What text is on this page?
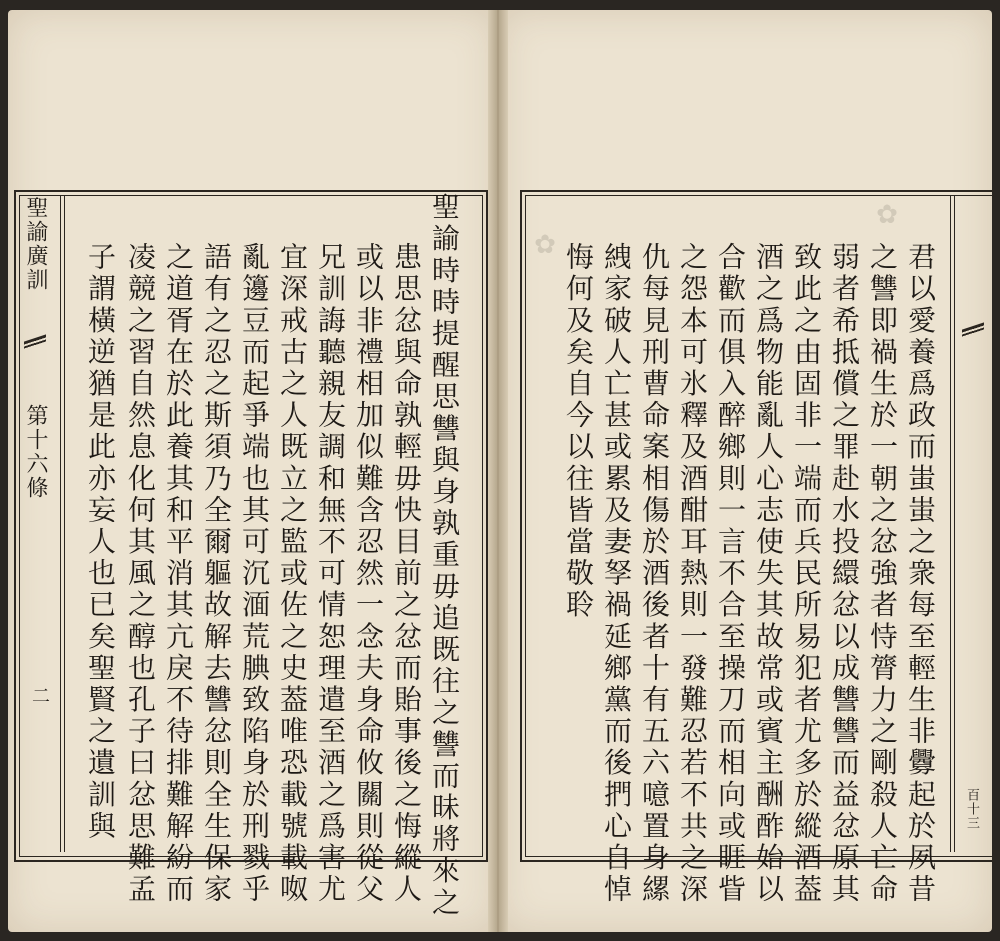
✿
✿
聖諭廣訓
第十六條
二	聖諭時時提醒思讐與身孰重毋追既往之讐而昧將來之
患思忿與命孰輕毋快目前之忿而貽事後之悔縱人
或以非禮相加似難含忍然一念夫身命攸關則從父
兄訓誨聽親友調和無不可情恕理遣至酒之爲害尤
宜深戒古之人既立之監或佐之史葢唯恐載號載呶
亂籩豆而起爭端也其可沉湎荒腆致陷身於刑戮乎
語有之忍之斯須乃全爾軀故解去讐忿則全生保家
之道胥在於此養其和平消其亢戾不待排難解紛而
凌競之習自然息化何其風之醇也孔子曰忿思難孟
子謂橫逆猶是此亦妄人也已矣聖賢之遺訓與	百十三
君以愛養爲政而蚩蚩之衆每至輕生非釁起於夙昔
之讐即禍生於一朝之忿強者恃膂力之剛殺人亡命
弱者希抵償之罪赴水投繯忿以成讐讐而益忿原其
致此之由固非一端而兵民所易犯者尤多於縱酒葢
酒之爲物能亂人心志使失其故常或賓主酬酢始以
合歡而俱入醉鄉則一言不合至操刀而相向或睚眥
之怨本可氷釋及酒酣耳熱則一發難忍若不共之深
仇每見刑曹命案相傷於酒後者十有五六噫置身縲
絏家破人亡甚或累及妻孥禍延鄉黨而後捫心自悼
悔何及矣自今以往皆當敬聆
